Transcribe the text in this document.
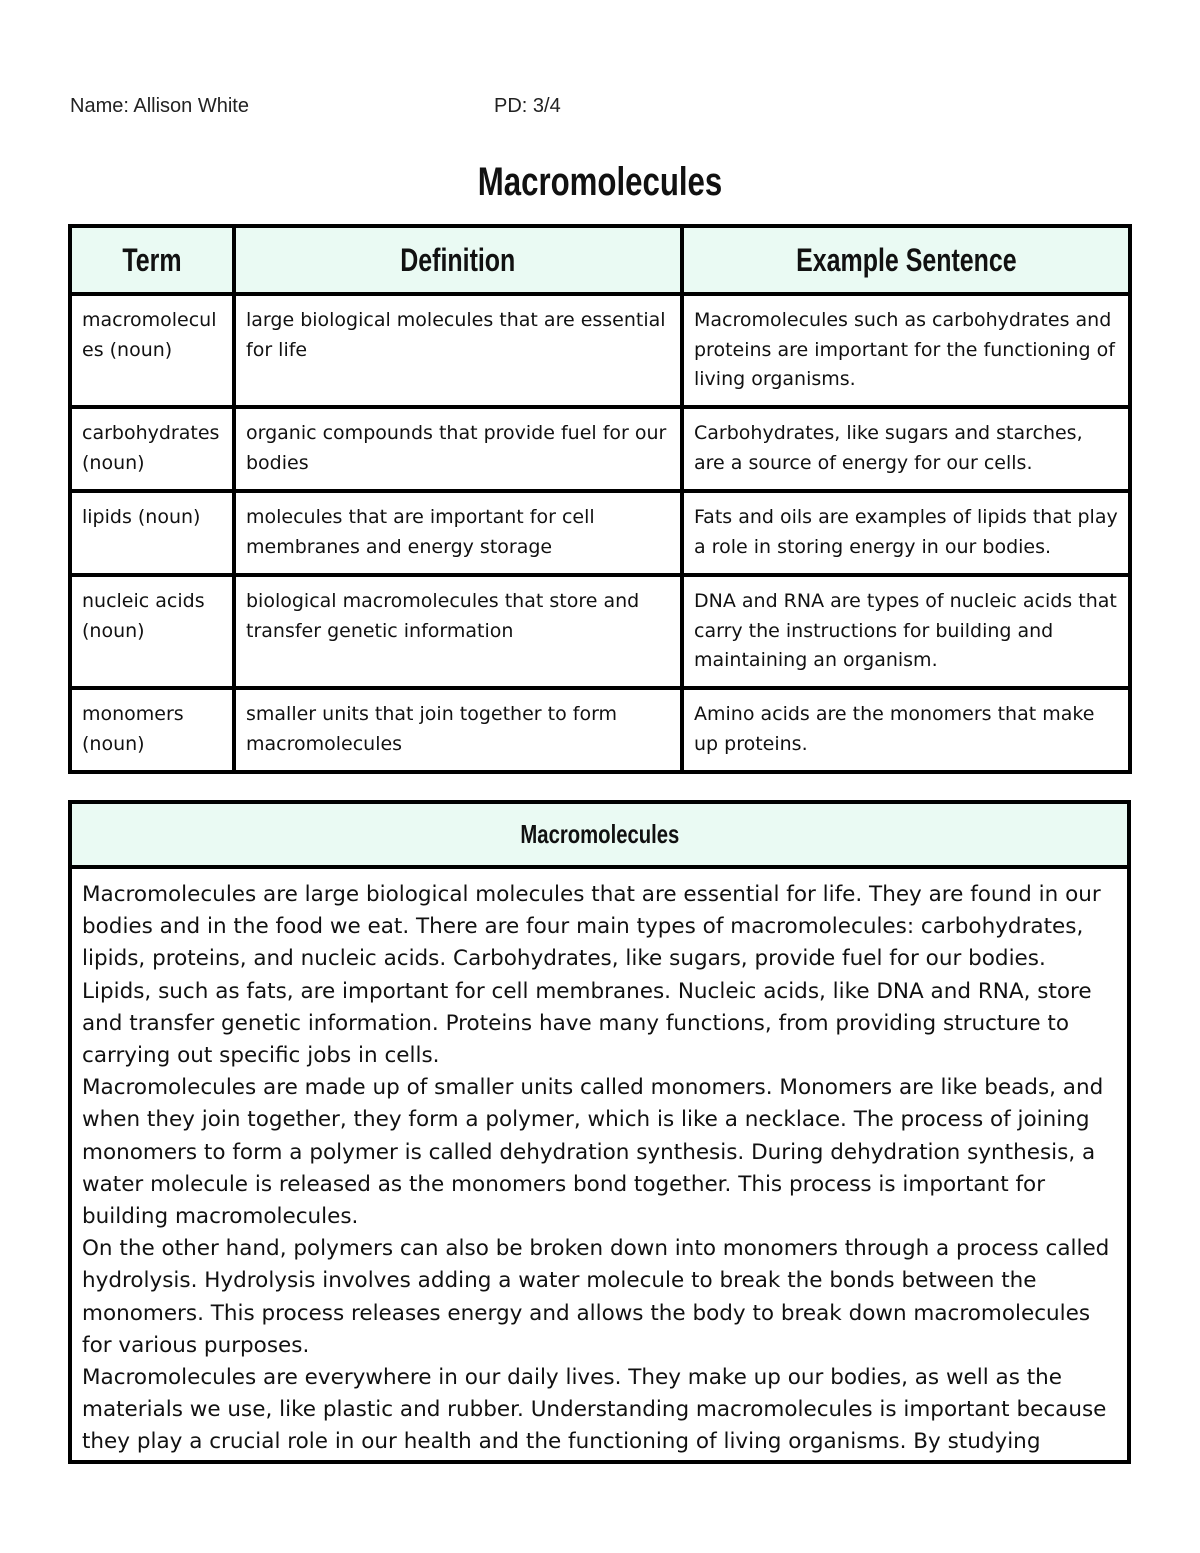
Name: Allison White	PD: 3/4
Macromolecules
Term	Definition	Example Sentence
macromolecules (noun)	large biological molecules that are essential for life	Macromolecules such as carbohydrates and proteins are important for the functioning of living organisms.
carbohydrates (noun)	organic compounds that provide fuel for our bodies	Carbohydrates, like sugars and starches, are a source of energy for our cells.
lipids (noun)	molecules that are important for cell membranes and energy storage	Fats and oils are examples of lipids that play a role in storing energy in our bodies.
nucleic acids (noun)	biological macromolecules that store and transfer genetic information	DNA and RNA are types of nucleic acids that carry the instructions for building and maintaining an organism.
monomers (noun)	smaller units that join together to form macromolecules	Amino acids are the monomers that make up proteins.
Macromolecules

Macromolecules are large biological molecules that are essential for life. They are found in our bodies and in the food we eat. There are four main types of macromolecules: carbohydrates, lipids, proteins, and nucleic acids. Carbohydrates, like sugars, provide fuel for our bodies. Lipids, such as fats, are important for cell membranes. Nucleic acids, like DNA and RNA, store and transfer genetic information. Proteins have many functions, from providing structure to carrying out specific jobs in cells.

Macromolecules are made up of smaller units called monomers. Monomers are like beads, and when they join together, they form a polymer, which is like a necklace. The process of joining monomers to form a polymer is called dehydration synthesis. During dehydration synthesis, a water molecule is released as the monomers bond together. This process is important for building macromolecules.

On the other hand, polymers can also be broken down into monomers through a process called hydrolysis. Hydrolysis involves adding a water molecule to break the bonds between the monomers. This process releases energy and allows the body to break down macromolecules for various purposes.

Macromolecules are everywhere in our daily lives. They make up our bodies, as well as the materials we use, like plastic and rubber. Understanding macromolecules is important because they play a crucial role in our health and the functioning of living organisms. By studying
